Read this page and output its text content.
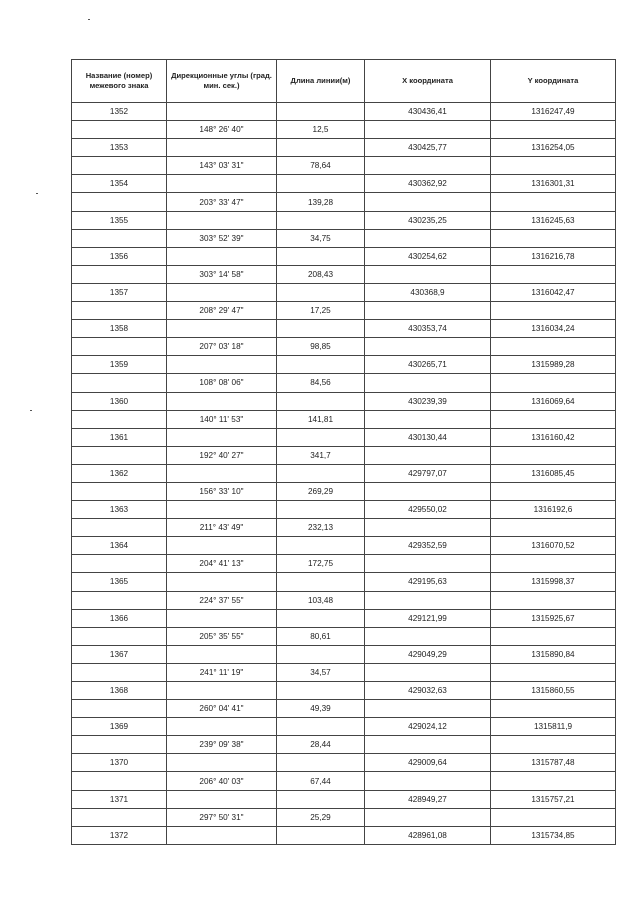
Название (номер) межевого знака	Дирекционные углы (град. мин. сек.)	Длина линии(м)	X координата	Y координата
1352			430436,41	1316247,49
	148° 26' 40"	12,5		
1353			430425,77	1316254,05
	143° 03' 31"	78,64		
1354			430362,92	1316301,31
	203° 33' 47"	139,28		
1355			430235,25	1316245,63
	303° 52' 39"	34,75		
1356			430254,62	1316216,78
	303° 14' 58"	208,43		
1357			430368,9	1316042,47
	208° 29' 47"	17,25		
1358			430353,74	1316034,24
	207° 03' 18"	98,85		
1359			430265,71	1315989,28
	108° 08' 06"	84,56		
1360			430239,39	1316069,64
	140° 11' 53"	141,81		
1361			430130,44	1316160,42
	192° 40' 27"	341,7		
1362			429797,07	1316085,45
	156° 33' 10"	269,29		
1363			429550,02	1316192,6
	211° 43' 49"	232,13		
1364			429352,59	1316070,52
	204° 41' 13"	172,75		
1365			429195,63	1315998,37
	224° 37' 55"	103,48		
1366			429121,99	1315925,67
	205° 35' 55"	80,61		
1367			429049,29	1315890,84
	241° 11' 19"	34,57		
1368			429032,63	1315860,55
	260° 04' 41"	49,39		
1369			429024,12	1315811,9
	239° 09' 38"	28,44		
1370			429009,64	1315787,48
	206° 40' 03"	67,44		
1371			428949,27	1315757,21
	297° 50' 31"	25,29		
1372			428961,08	1315734,85
